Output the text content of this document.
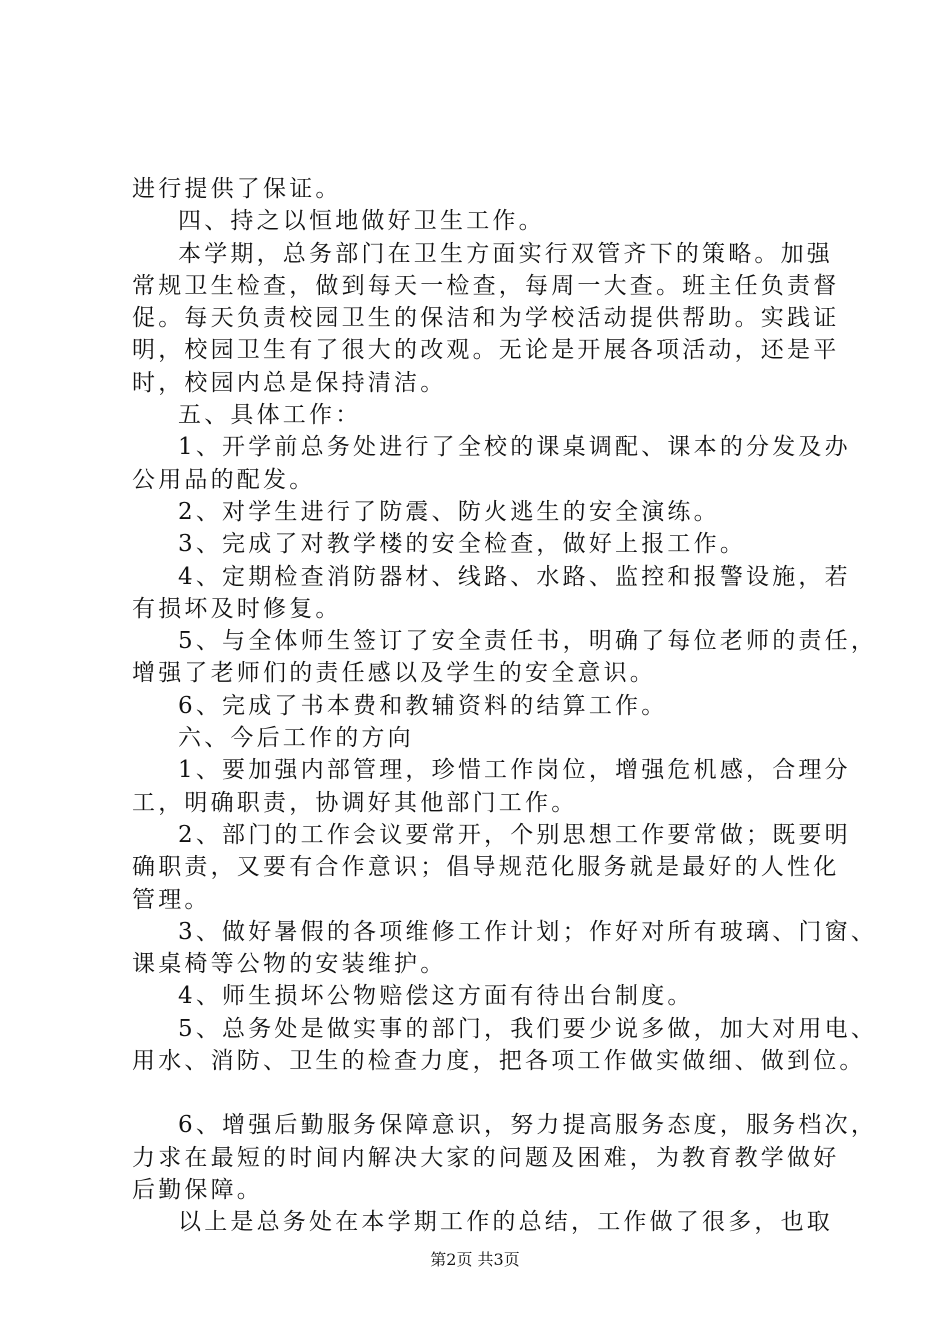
进行提供了保证。
四、持之以恒地做好卫生工作。
本学期，总务部门在卫生方面实行双管齐下的策略。加强
常规卫生检查，做到每天一检查，每周一大查。班主任负责督
促。每天负责校园卫生的保洁和为学校活动提供帮助。实践证
明，校园卫生有了很大的改观。无论是开展各项活动，还是平
时，校园内总是保持清洁。
五、具体工作：
1、开学前总务处进行了全校的课桌调配、课本的分发及办
公用品的配发。
2、对学生进行了防震、防火逃生的安全演练。
3、完成了对教学楼的安全检查，做好上报工作。
4、定期检查消防器材、线路、水路、监控和报警设施，若
有损坏及时修复。
5、与全体师生签订了安全责任书，明确了每位老师的责任，
增强了老师们的责任感以及学生的安全意识。
6、完成了书本费和教辅资料的结算工作。
六、今后工作的方向
1、要加强内部管理，珍惜工作岗位，增强危机感，合理分
工，明确职责，协调好其他部门工作。
2、部门的工作会议要常开，个别思想工作要常做；既要明
确职责，又要有合作意识；倡导规范化服务就是最好的人性化
管理。
3、做好暑假的各项维修工作计划；作好对所有玻璃、门窗、
课桌椅等公物的安装维护。
4、师生损坏公物赔偿这方面有待出台制度。
5、总务处是做实事的部门，我们要少说多做，加大对用电、
用水、消防、卫生的检查力度，把各项工作做实做细、做到位。
6、增强后勤服务保障意识，努力提高服务态度，服务档次，
力求在最短的时间内解决大家的问题及困难，为教育教学做好
后勤保障。
以上是总务处在本学期工作的总结，工作做了很多，也取
第2页 共3页
